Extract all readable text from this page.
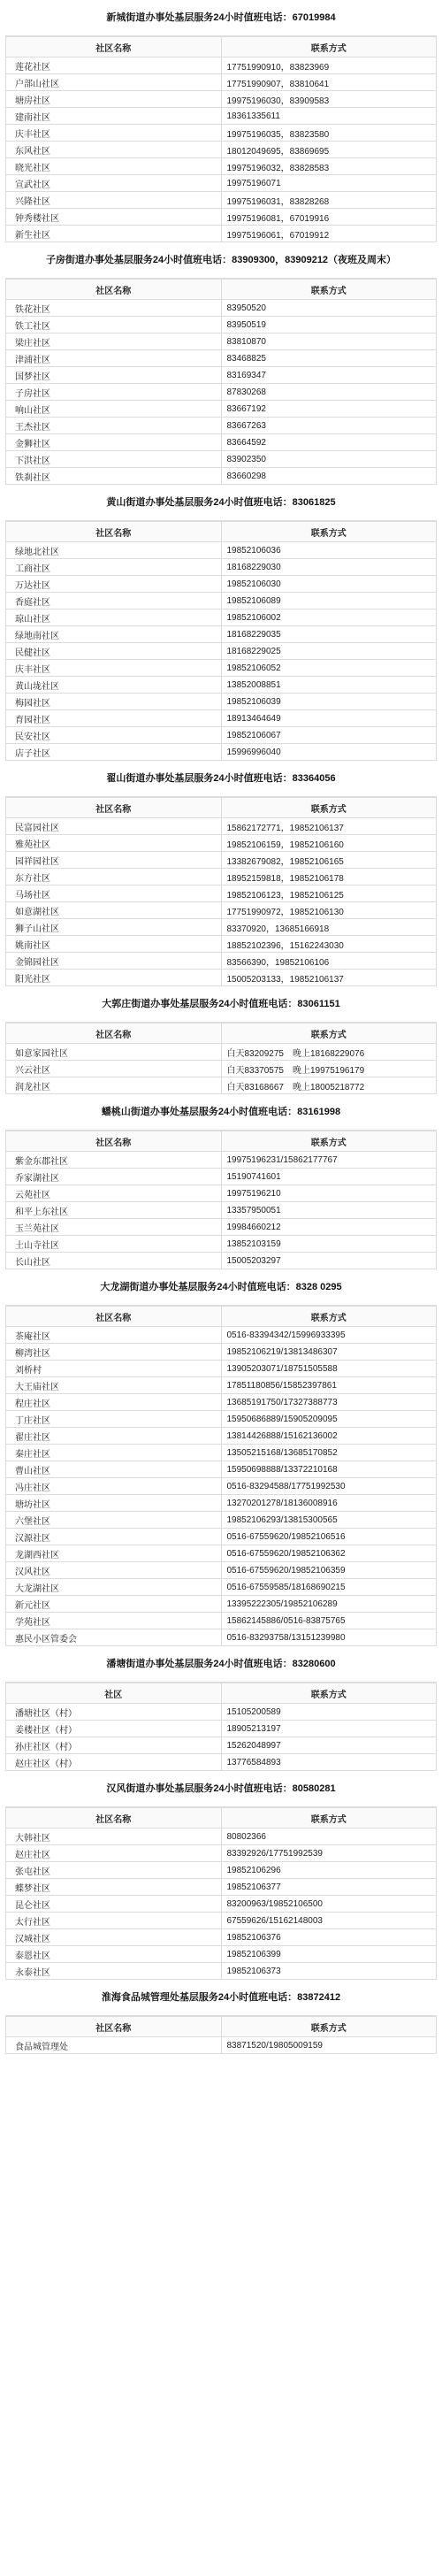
新城街道办事处基层服务24小时值班电话：67019984
社区名称	联系方式
莲花社区	17751990910，83823969
户部山社区	17751990907，83810641
塘房社区	19975196030，83909583
建南社区	18361335611
庆丰社区	19975196035，83823580
东风社区	18012049695，83869695
晓光社区	19975196032，83828583
宣武社区	19975196071
兴隆社区	19975196031，83828268
钟秀楼社区	19975196081，67019916
新生社区	19975196061，67019912
子房街道办事处基层服务24小时值班电话：83909300，83909212（夜班及周末）
社区名称	联系方式
铁花社区	83950520
铁工社区	83950519
梁庄社区	83810870
津浦社区	83468825
国梦社区	83169347
子房社区	87830268
响山社区	83667192
王杰社区	83667263
金狮社区	83664592
下洪社区	83902350
铁刹社区	83660298
黄山街道办事处基层服务24小时值班电话：83061825
社区名称	联系方式
绿地北社区	19852106036
工商社区	18168229030
万达社区	19852106030
香庭社区	19852106089
琼山社区	19852106002
绿地南社区	18168229035
民健社区	18168229025
庆丰社区	19852106052
黄山垅社区	13852008851
梅园社区	19852106039
育园社区	18913464649
民安社区	19852106067
店子社区	15996996040
翟山街道办事处基层服务24小时值班电话：83364056
社区名称	联系方式
民富园社区	15862172771，19852106137
雅苑社区	19852106159，19852106160
园祥园社区	13382679082，19852106165
东方社区	18952159818，19852106178
马场社区	19852106123，19852106125
如意湖社区	17751990972，19852106130
狮子山社区	83370920，13685166918
姚南社区	18852102396，15162243030
金锦园社区	83566390，19852106106
阳光社区	15005203133，19852106137
大郭庄街道办事处基层服务24小时值班电话：83061151
社区名称	联系方式
如意家园社区	白天83209275　晚上18168229076
兴云社区	白天83370575　晚上19975196179
润龙社区	白天83168667　晚上18005218772
蟠桃山街道办事处基层服务24小时值班电话：83161998
社区名称	联系方式
紫金东郡社区	19975196231/15862177767
乔家湖社区	15190741601
云苑社区	19975196210
和平上东社区	13357950051
玉兰苑社区	19984660212
土山寺社区	13852103159
长山社区	15005203297
大龙湖街道办事处基层服务24小时值班电话：8328 0295
社区名称	联系方式
茶庵社区	0516-83394342/15996933395
柳湾社区	19852106219/13813486307
刘桥村	13905203071/18751505588
大王庙社区	17851180856/15852397861
程庄社区	13685191750/17327388773
丁庄社区	15950686889/15905209095
翟庄社区	13814426888/15162136002
秦庄社区	13505215168/13685170852
曹山社区	15950698888/13372210168
冯庄社区	0516-83294588/17751992530
塘坊社区	13270201278/18136008916
六堡社区	19852106293/13815300565
汉源社区	0516-67559620/19852106516
龙湖西社区	0516-67559620/19852106362
汉风社区	0516-67559620/19852106359
大龙湖社区	0516-67559585/18168690215
新元社区	13395222305/19852106289
学苑社区	15862145886/0516-83875765
惠民小区管委会	0516-83293758/13151239980
潘塘街道办事处基层服务24小时值班电话：83280600
社区	联系方式
潘塘社区（村）	15105200589
姜楼社区（村）	18905213197
孙庄社区（村）	15262048997
赵庄社区（村）	13776584893
汉风街道办事处基层服务24小时值班电话：80580281
社区名称	联系方式
大韩社区	80802366
赵庄社区	83392926/17751992539
张屯社区	19852106296
蝶梦社区	19852106377
昆仑社区	83200963/19852106500
太行社区	67559626/15162148003
汉城社区	19852106376
泰恩社区	19852106399
永泰社区	19852106373
淮海食品城管理处基层服务24小时值班电话：83872412
社区名称	联系方式
食品城管理处	83871520/19805009159
